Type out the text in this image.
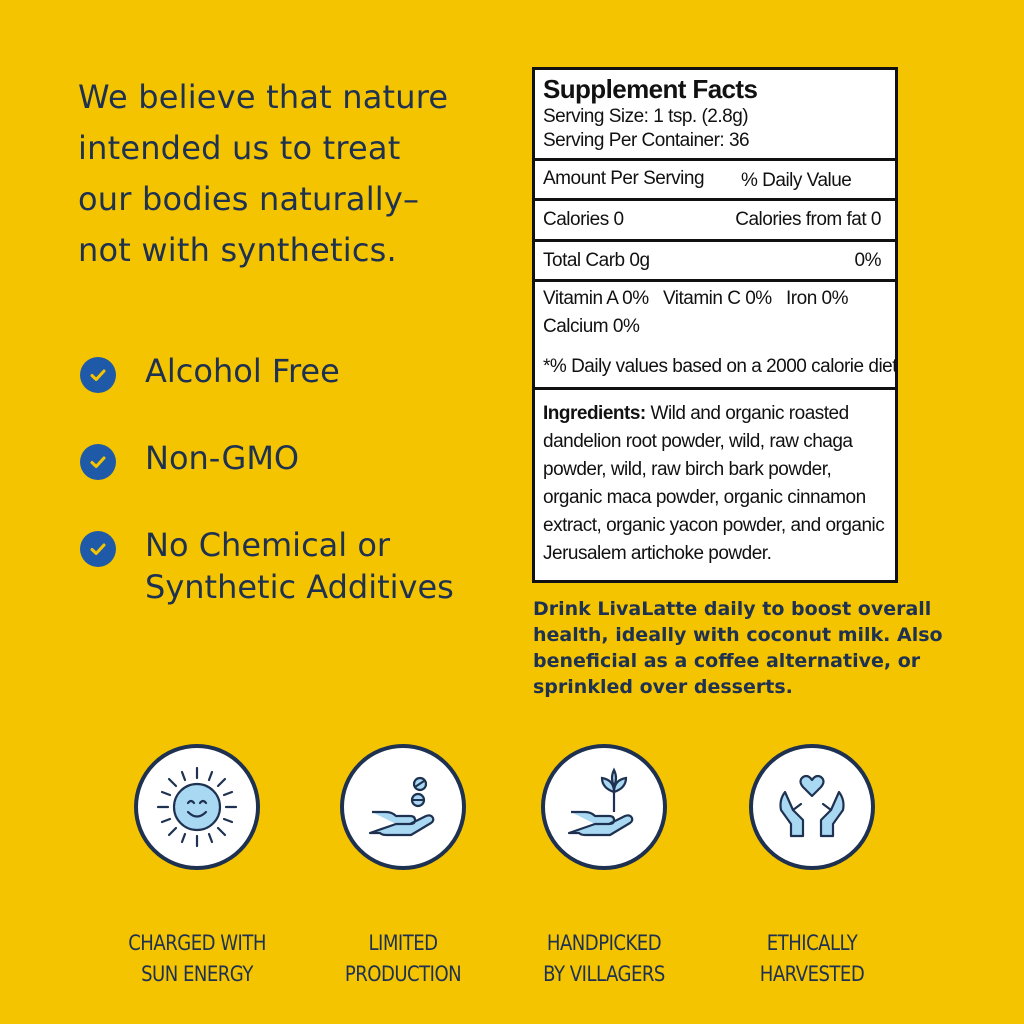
We believe that nature
intended us to treat
our bodies naturally–
not with synthetics.
Alcohol Free
Non-GMO
No Chemical or
Synthetic Additives
Supplement Facts
Serving Size: 1 tsp. (2.8g)
Serving Per Container: 36
Amount Per Serving % Daily Value
Calories 0	Calories from fat 0
Total Carb 0g	0%
Vitamin A 0%   Vitamin C 0%   Iron 0%
Calcium 0%
*% Daily values based on a 2000 calorie diet
Ingredients: Wild and organic roasted dandelion root powder, wild, raw chaga powder, wild, raw birch bark powder, organic maca powder, organic cinnamon extract, organic yacon powder, and organic Jerusalem artichoke powder.
Drink LivaLatte daily to boost overall
health, ideally with coconut milk. Also
beneficial as a coffee alternative, or
sprinkled over desserts.
CHARGED WITH
SUN ENERGY
LIMITED
PRODUCTION
HANDPICKED
BY VILLAGERS
ETHICALLY
HARVESTED
